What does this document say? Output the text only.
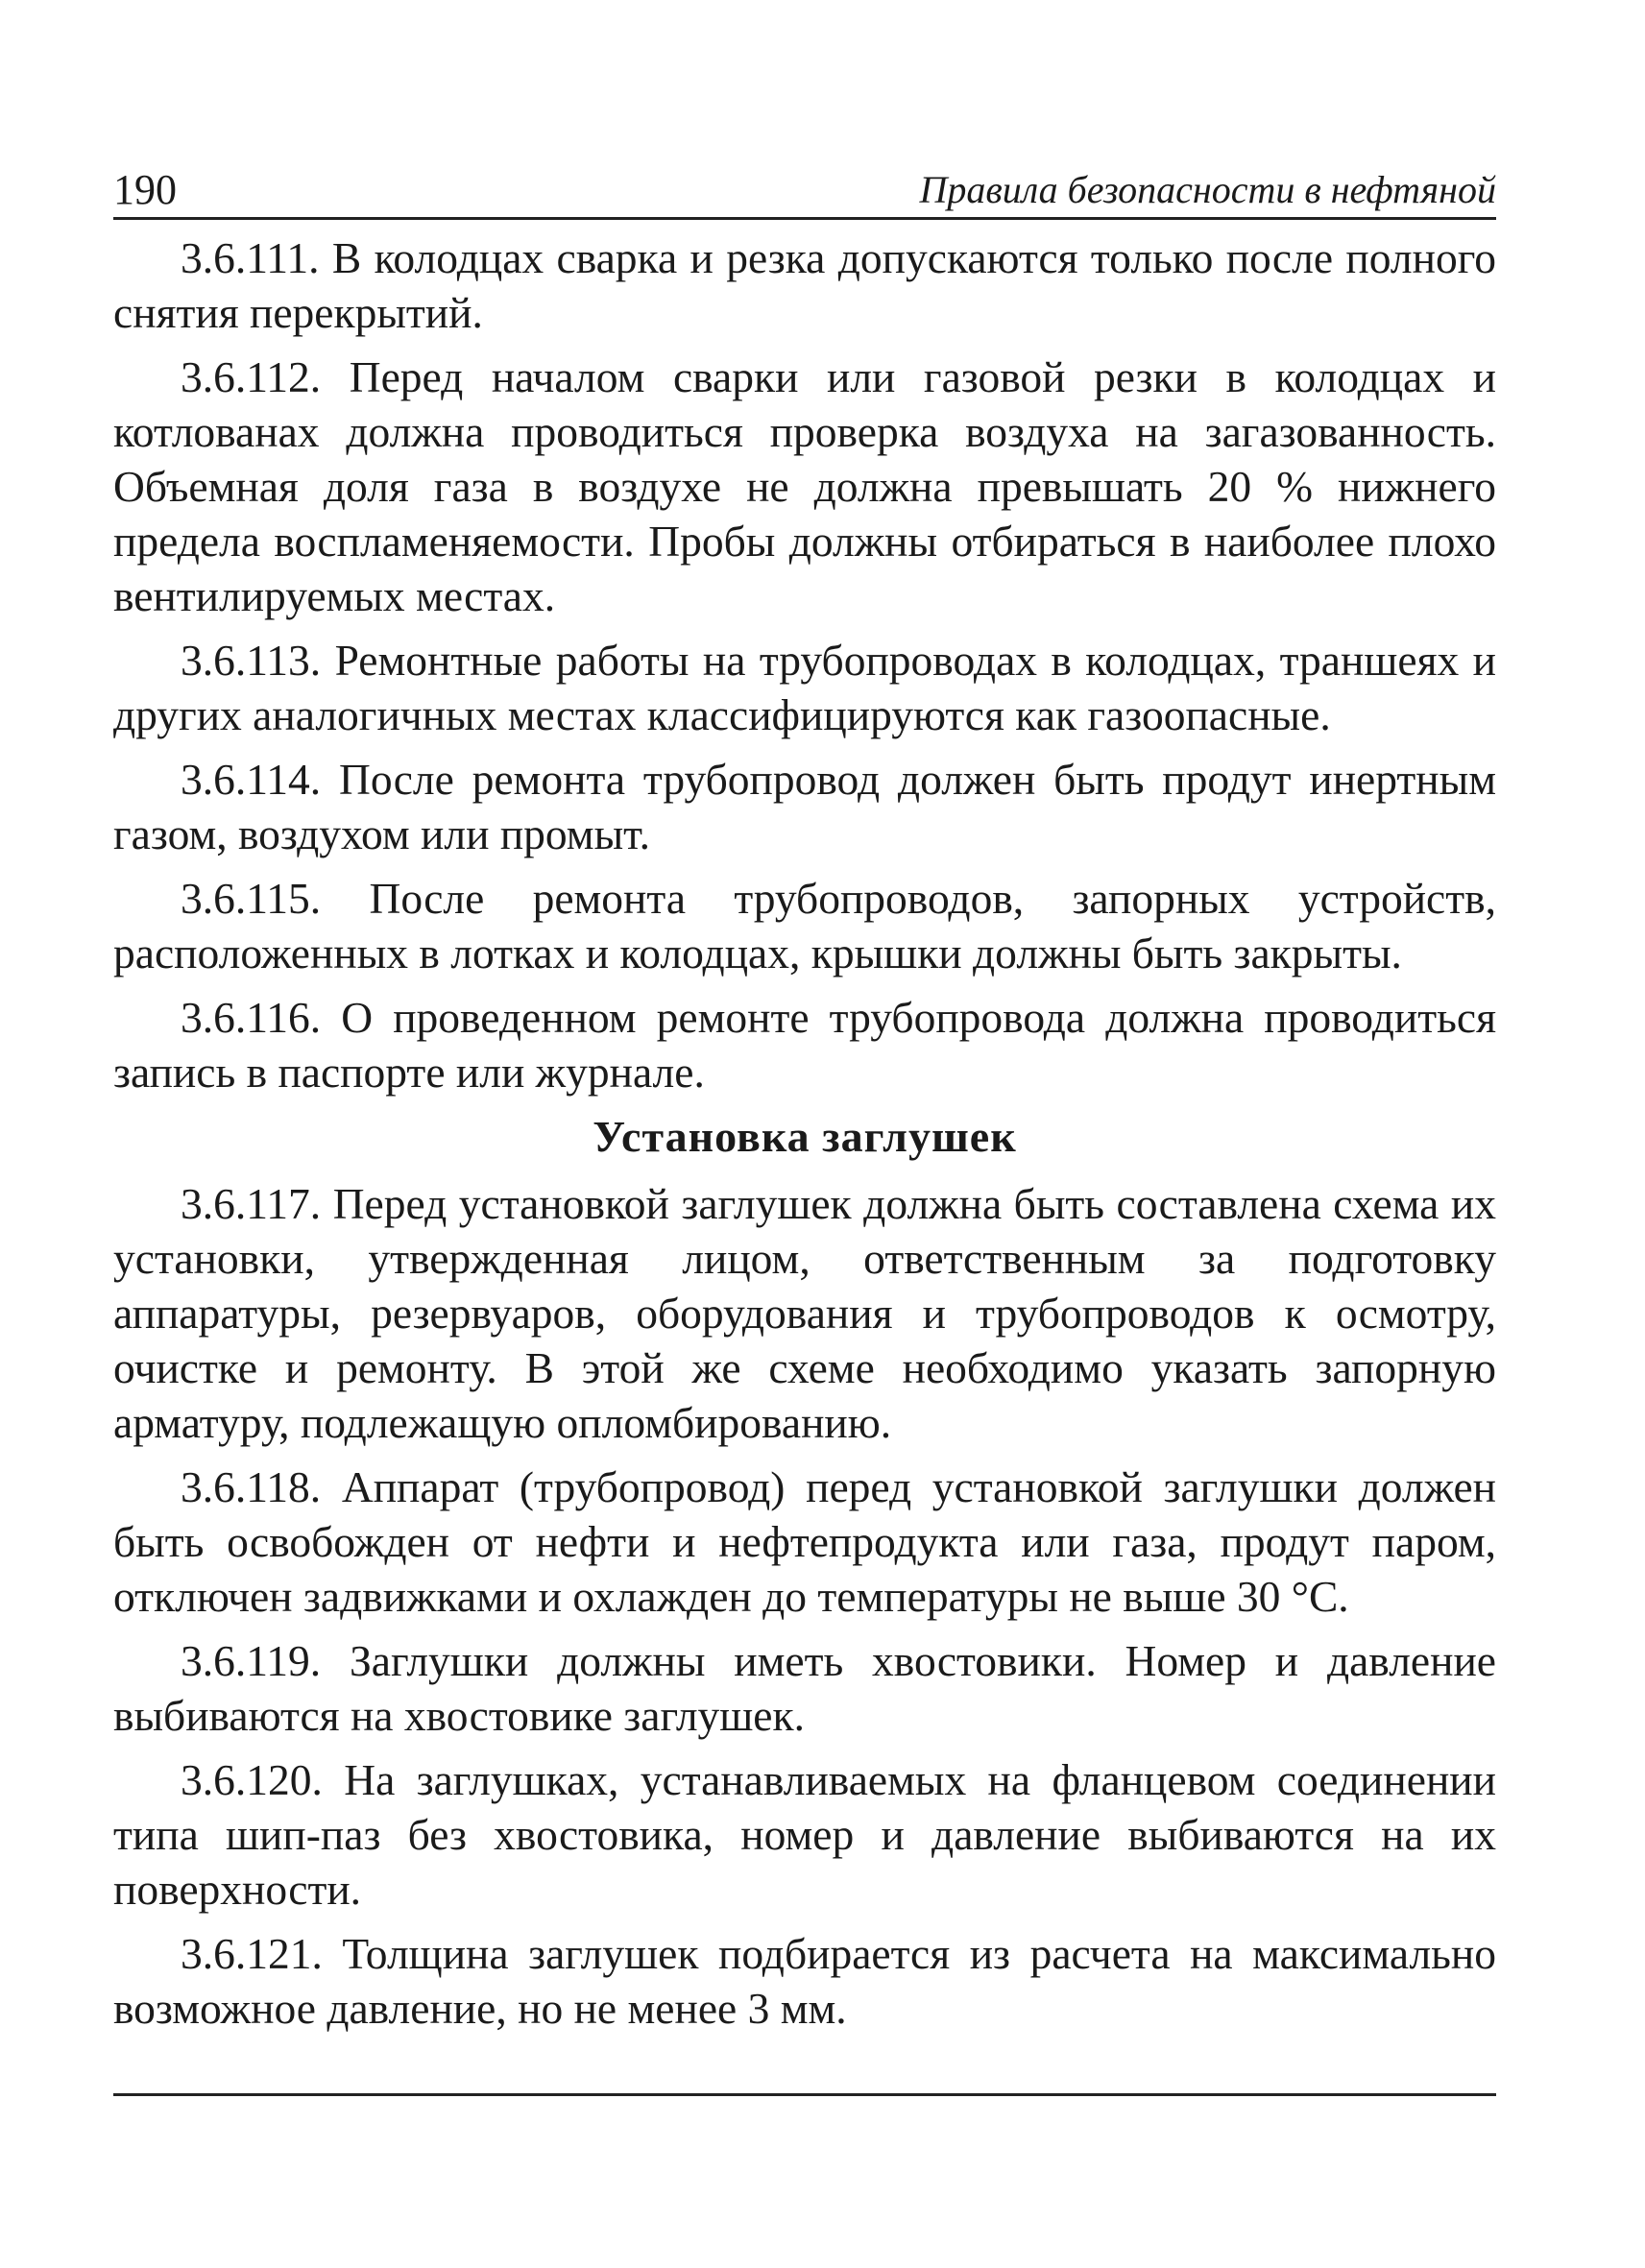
190	Правила безопасности в нефтяной

3.6.111. В колодцах сварка и резка допускаются только после полного снятия перекрытий.

3.6.112. Перед началом сварки или газовой резки в колодцах и котлованах должна проводиться проверка воздуха на загазованность. Объемная доля газа в воздухе не должна превышать 20 % нижнего предела воспламеняемости. Пробы должны отбираться в наиболее плохо вентилируемых местах.

3.6.113. Ремонтные работы на трубопроводах в колодцах, траншеях и других аналогичных местах классифицируются как газоопасные.

3.6.114. После ремонта трубопровод должен быть продут инертным газом, воздухом или промыт.

3.6.115. После ремонта трубопроводов, запорных устройств, расположенных в лотках и колодцах, крышки должны быть закрыты.

3.6.116. О проведенном ремонте трубопровода должна проводиться запись в паспорте или журнале.

Установка заглушек

3.6.117. Перед установкой заглушек должна быть составлена схема их установки, утвержденная лицом, ответственным за подготовку аппаратуры, резервуаров, оборудования и трубопроводов к осмотру, очистке и ремонту. В этой же схеме необходимо указать запорную арматуру, подлежащую опломбированию.

3.6.118. Аппарат (трубопровод) перед установкой заглушки должен быть освобожден от нефти и нефтепродукта или газа, продут паром, отключен задвижками и охлажден до температуры не выше 30 °С.

3.6.119. Заглушки должны иметь хвостовики. Номер и давление выбиваются на хвостовике заглушек.

3.6.120. На заглушках, устанавливаемых на фланцевом соединении типа шип-паз без хвостовика, номер и давление выбиваются на их поверхности.

3.6.121. Толщина заглушек подбирается из расчета на максимально возможное давление, но не менее 3 мм.
